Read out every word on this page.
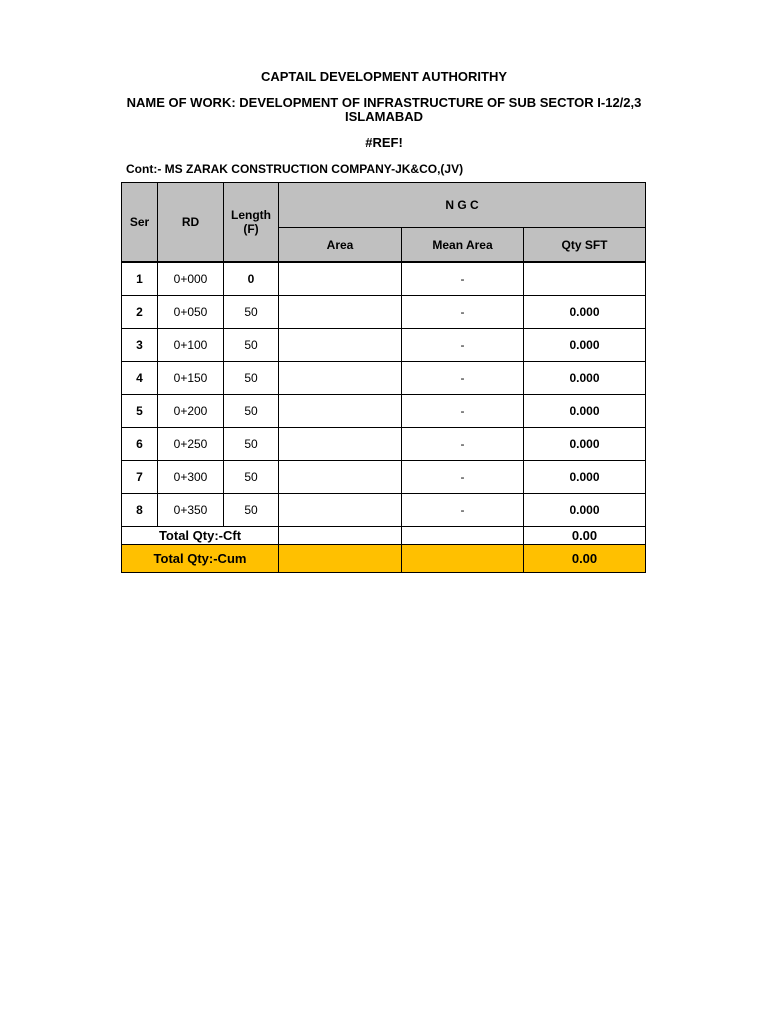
CAPTAIL DEVELOPMENT AUTHORITHY
NAME OF WORK: DEVELOPMENT OF INFRASTRUCTURE OF SUB SECTOR I-12/2,3
ISLAMABAD
#REF!
Cont:- MS ZARAK CONSTRUCTION COMPANY-JK&CO,(JV)
Ser	RD	Length (F)	N G C		
			Area	Mean Area	Qty SFT

1	0+000	0		-	
2	0+050	50		-	0.000
3	0+100	50		-	0.000
4	0+150	50		-	0.000
5	0+200	50		-	0.000
6	0+250	50		-	0.000
7	0+300	50		-	0.000
8	0+350	50		-	0.000
Total Qty:-Cft					0.00
Total Qty:-Cum					0.00
